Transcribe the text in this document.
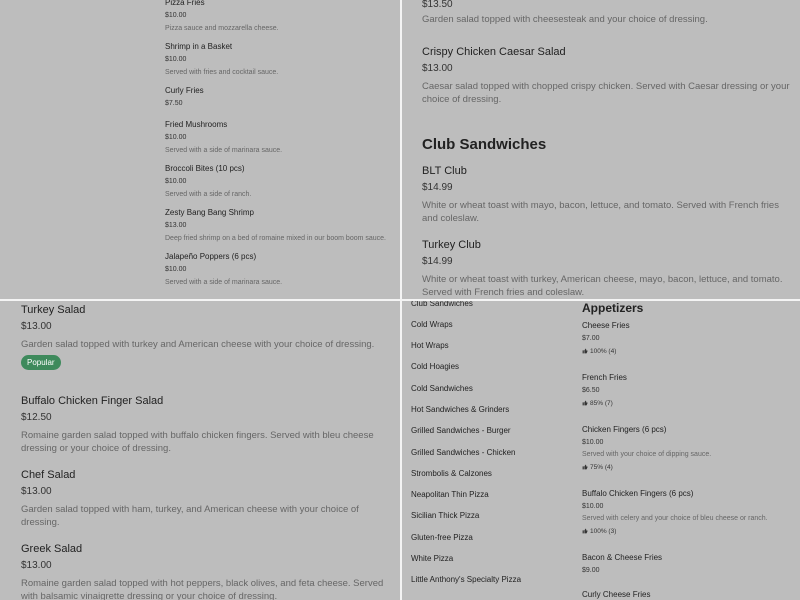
Pizza Fries
$10.00
Pizza sauce and mozzarella cheese.
Shrimp in a Basket
$10.00
Served with fries and cocktail sauce.
Curly Fries
$7.50
Fried Mushrooms
$10.00
Served with a side of marinara sauce.
Broccoli Bites (10 pcs)
$10.00
Served with a side of ranch.
Zesty Bang Bang Shrimp
$13.00
Deep fried shrimp on a bed of romaine mixed in our boom boom sauce.
Jalapeño Poppers (6 pcs)
$10.00
Served with a side of marinara sauce.
$13.50
Garden salad topped with cheesesteak and your choice of dressing.
Crispy Chicken Caesar Salad
$13.00
Caesar salad topped with chopped crispy chicken. Served with Caesar dressing or your choice of dressing.
Club Sandwiches
BLT Club
$14.99
White or wheat toast with mayo, bacon, lettuce, and tomato. Served with French fries and coleslaw.
Turkey Club
$14.99
White or wheat toast with turkey, American cheese, mayo, bacon, lettuce, and tomato. Served with French fries and coleslaw.
Turkey Salad
$13.00
Garden salad topped with turkey and American cheese with your choice of dressing.
Popular
Buffalo Chicken Finger Salad
$12.50
Romaine garden salad topped with buffalo chicken fingers. Served with bleu cheese dressing or your choice of dressing.
Chef Salad
$13.00
Garden salad topped with ham, turkey, and American cheese with your choice of dressing.
Greek Salad
$13.00
Romaine garden salad topped with hot peppers, black olives, and feta cheese. Served with balsamic vinaigrette dressing or your choice of dressing.
Club Sandwiches
Cold Wraps
Hot Wraps
Cold Hoagies
Cold Sandwiches
Hot Sandwiches & Grinders
Grilled Sandwiches - Burger
Grilled Sandwiches - Chicken
Strombolis & Calzones
Neapolitan Thin Pizza
Sicilian Thick Pizza
Gluten-free Pizza
White Pizza
Little Anthony's Specialty Pizza
Appetizers
Cheese Fries
$7.00
100% (4)
French Fries
$6.50
85% (7)
Chicken Fingers (6 pcs)
$10.00
Served with your choice of dipping sauce.
75% (4)
Buffalo Chicken Fingers (6 pcs)
$10.00
Served with celery and your choice of bleu cheese or ranch.
100% (3)
Bacon & Cheese Fries
$9.00
Curly Cheese Fries
